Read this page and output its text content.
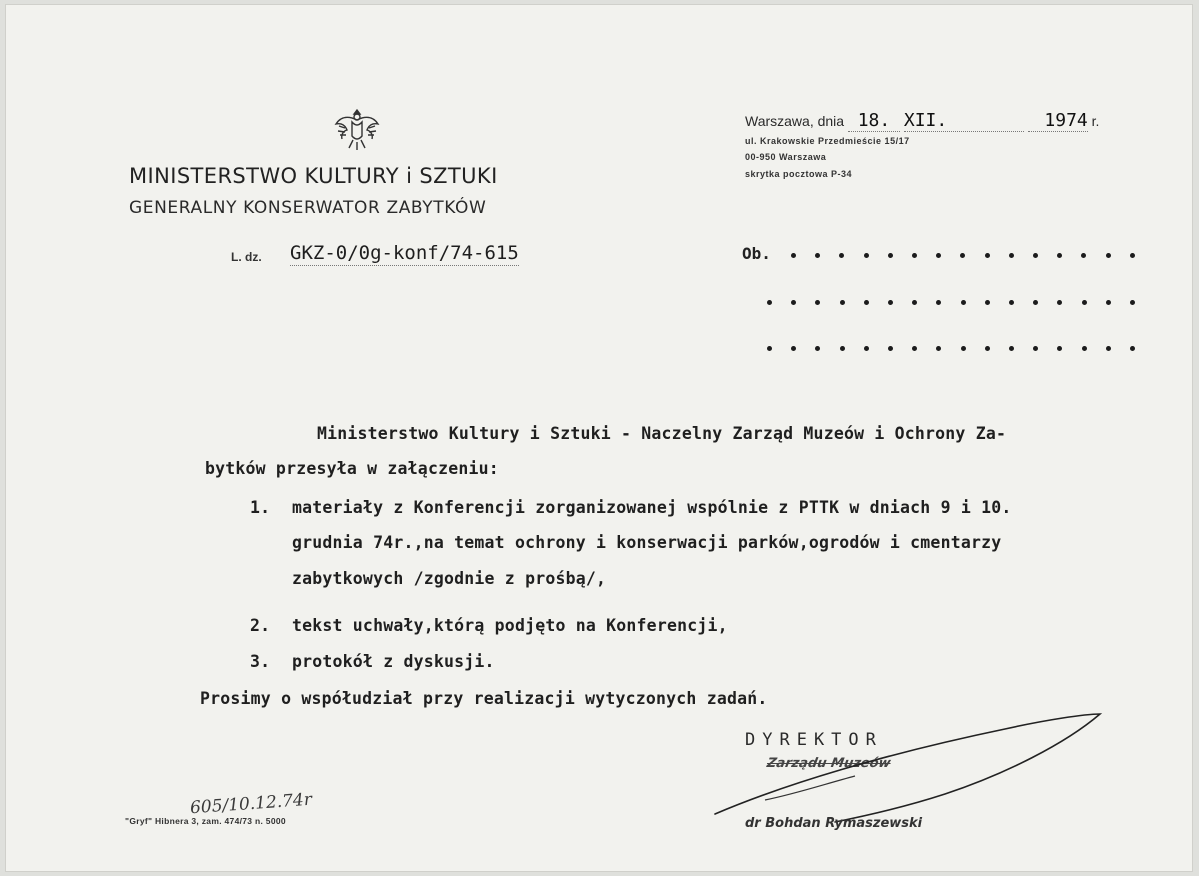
MINISTERSTWO KULTURY i SZTUKI
GENERALNY KONSERWATOR ZABYTKÓW
L. dz. GKZ-0/0g-konf/74-615
Warszawa, dnia 18. XII.	1974 r.
ul. Krakowskie Przedmieście 15/17
00-950 Warszawa
skrytka pocztowa P-34
Ob.
Ministerstwo Kultury i Sztuki - Naczelny Zarząd Muzeów i Ochrony Za-
bytków przesyła w załączeniu:
1. materiały z Konferencji zorganizowanej wspólnie z PTTK w dniach 9 i 10.
grudnia 74r.,na temat ochrony i konserwacji parków,ogrodów i cmentarzy
zabytkowych /zgodnie z prośbą/,
2. tekst uchwały,którą podjęto na Konferencji,
3. protokół z dyskusji.
Prosimy o współudział przy realizacji wytyczonych zadań.
DYREKTOR
Zarządu Muzeów
dr Bohdan Rymaszewski
605/10.12.74r
"Gryf" Hibnera 3, zam. 474/73 n. 5000
